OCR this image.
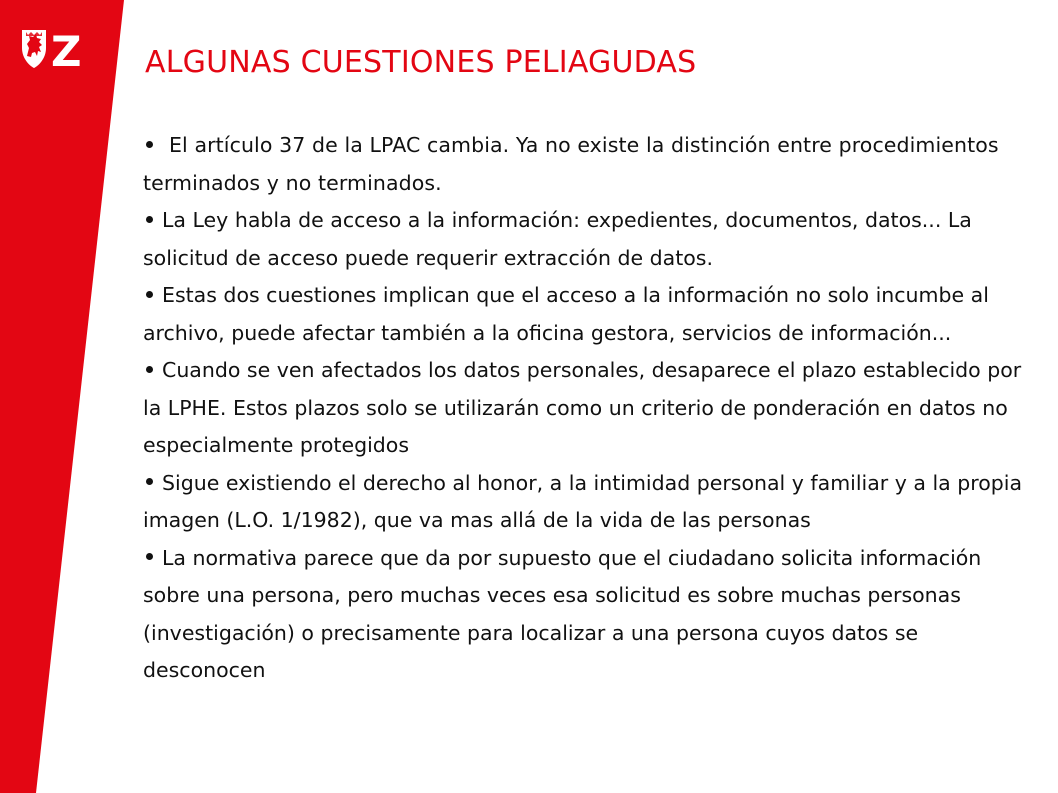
Z ALGUNAS CUESTIONES PELIAGUDAS
El artículo 37 de la LPAC cambia. Ya no existe la distinción entre procedimientos terminados y no terminados.
La Ley habla de acceso a la información: expedientes, documentos, datos... La solicitud de acceso puede requerir extracción de datos.
Estas dos cuestiones implican que el acceso a la información no solo incumbe al archivo, puede afectar también a la oficina gestora, servicios de información...
Cuando se ven afectados los datos personales, desaparece el plazo establecido por la LPHE. Estos plazos solo se utilizarán como un criterio de ponderación en datos no especialmente protegidos
Sigue existiendo el derecho al honor, a la intimidad personal y familiar y a la propia imagen (L.O. 1/1982), que va mas allá de la vida de las personas
La normativa parece que da por supuesto que el ciudadano solicita información sobre una persona, pero muchas veces esa solicitud es sobre muchas personas (investigación) o precisamente para localizar a una persona cuyos datos se desconocen
